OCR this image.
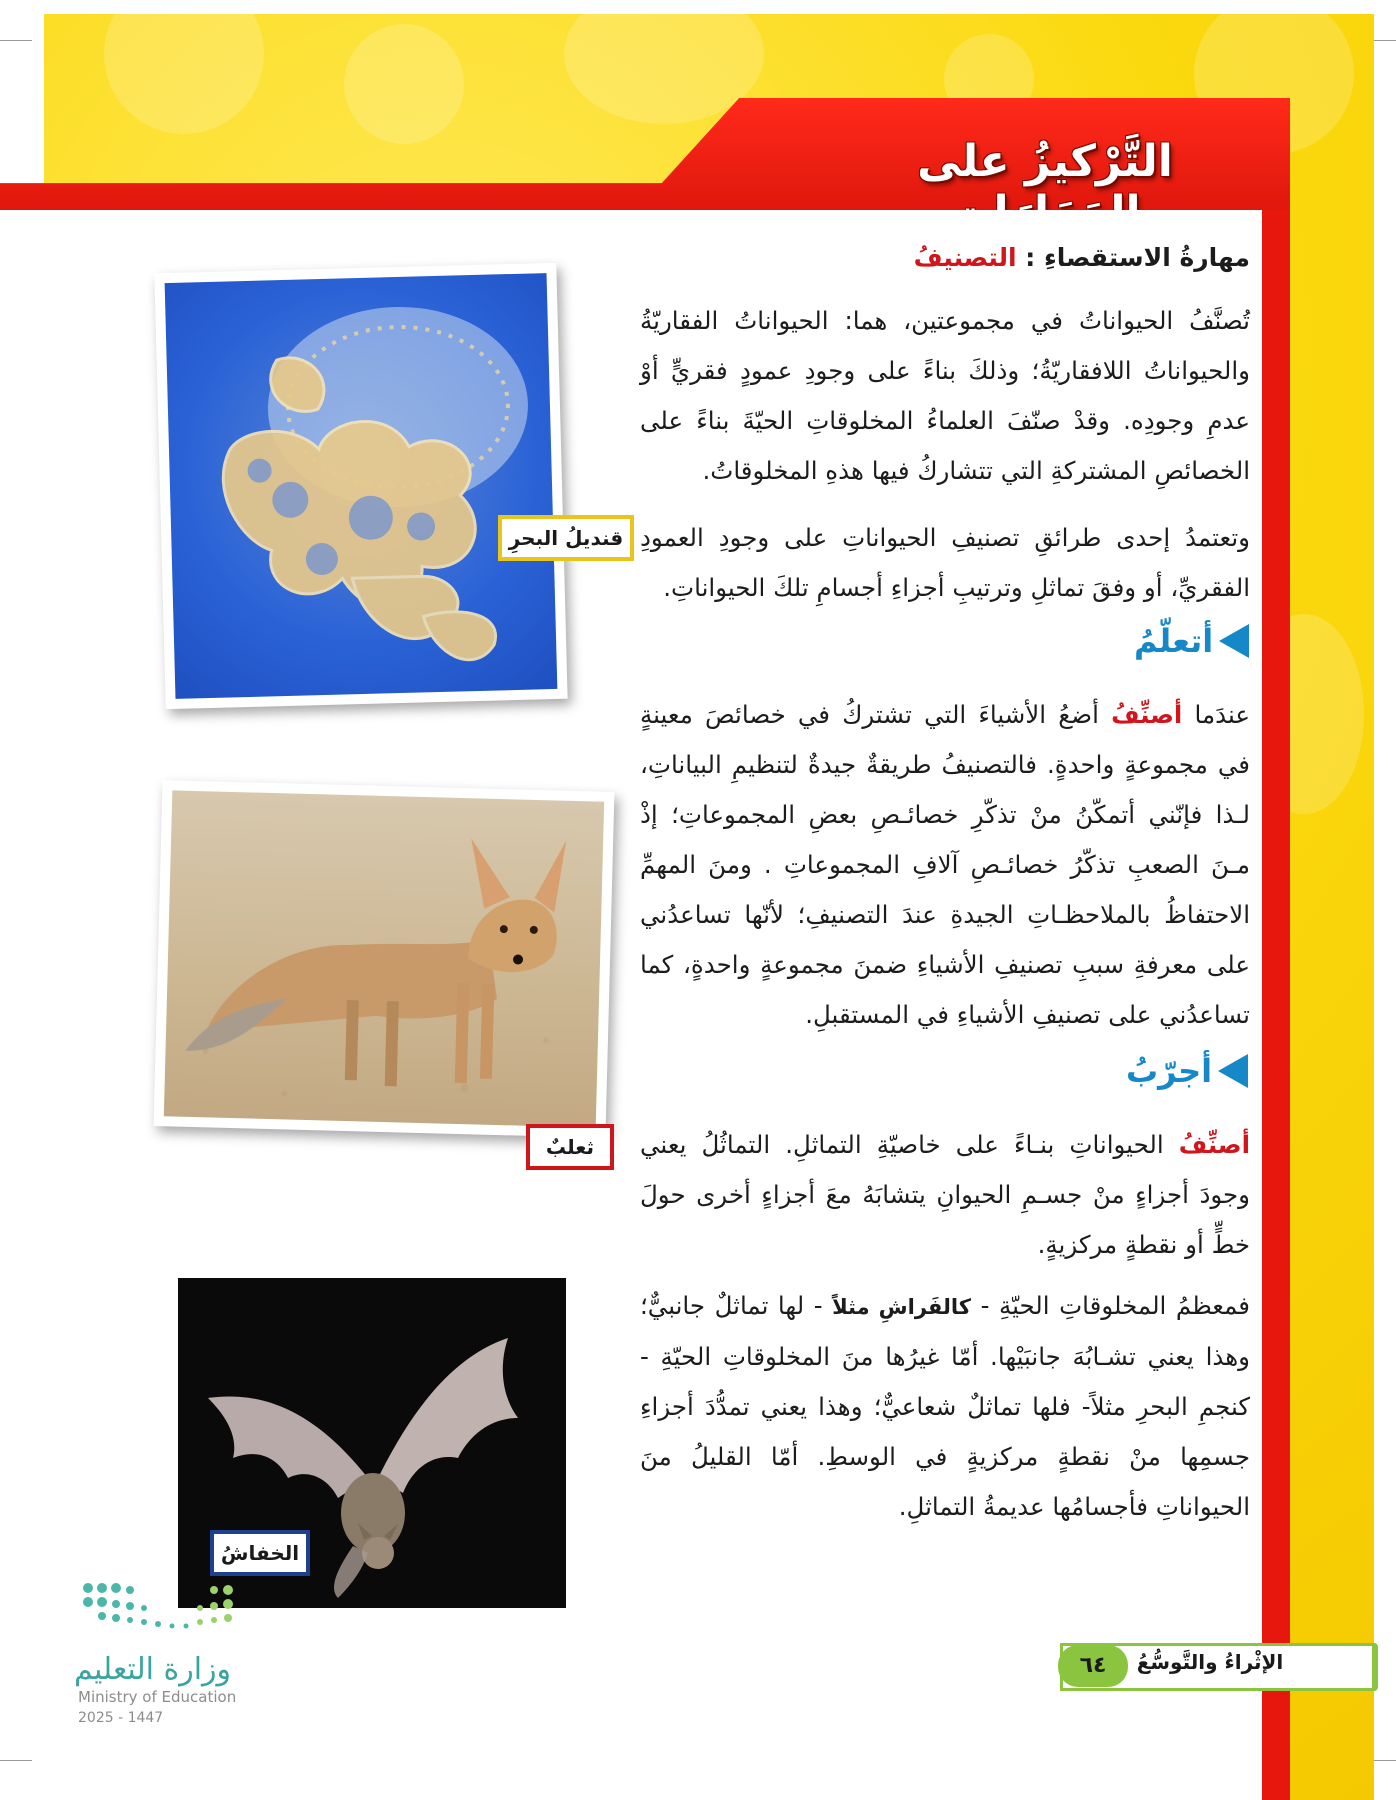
التَّرْكيزُ على
مهارةُ الاستقصاءِ : التصنيفُ
تُصنَّفُ الحيواناتُ في مجموعتين، هما: الحيواناتُ الفقاريّةُ والحيواناتُ اللافقاريّةُ؛ وذلكَ بناءً على وجودِ عمودٍ فقريٍّ أوْ عدمِ وجودِه. وقدْ صنّفَ العلماءُ المخلوقاتِ الحيّةَ بناءً على الخصائصِ المشتركةِ التي تتشاركُ فيها هذهِ المخلوقاتُ.
وتعتمدُ إحدى طرائقِ تصنيفِ الحيواناتِ على وجودِ العمودِ الفقريِّ، أو وفقَ تماثلِ وترتيبِ أجزاءِ أجسامِ تلكَ الحيواناتِ.
أتعلّمُ
عندَما أصنِّفُ أضعُ الأشياءَ التي تشتركُ في خصائصَ معينةٍ في مجموعةٍ واحدةٍ. فالتصنيفُ طريقةٌ جيدةٌ لتنظيمِ البياناتِ، لـذا فإنّني أتمكّنُ منْ تذكّرِ خصائـصِ بعضِ المجموعاتِ؛ إذْ مـنَ الصعبِ تذكّرُ خصائـصِ آلافِ المجموعاتِ . ومنَ المهمِّ الاحتفاظُ بالملاحظـاتِ الجيدةِ عندَ التصنيفِ؛ لأنّها تساعدُني على معرفةِ سببِ تصنيفِ الأشياءِ ضمنَ مجموعةٍ واحدةٍ، كما تساعدُني على تصنيفِ الأشياءِ في المستقبلِ.
أجرّبُ
أصنِّفُ الحيواناتِ بنـاءً على خاصيّةِ التماثلِ. التماثُلُ يعني وجودَ أجزاءٍ منْ جسـمِ الحيوانِ يتشابَهُ معَ أجزاءٍ أخرى حولَ خطٍّ أو نقطةٍ مركزيةٍ.
فمعظمُ المخلوقاتِ الحيّةِ - كالفَراشِ مثلاً - لها تماثلٌ جانبيٌّ؛ وهذا يعني تشـابُهَ جانبَيْها. أمّا غيرُها منَ المخلوقاتِ الحيّةِ - كنجمِ البحرِ مثلاً- فلها تماثلٌ شعاعيٌّ؛ وهذا يعني تمدُّدَ أجزاءِ جسمِها منْ نقطةٍ مركزيةٍ في الوسطِ. أمّا القليلُ منَ الحيواناتِ فأجسامُها عديمةُ التماثلِ.
قنديلُ البحرِ
ثعلبٌ
الخفاشُ
الإثْراءُ والتَّوسُّعُ
٦٤
وزارة التعليم
Ministry of Education
2025 - 1447
